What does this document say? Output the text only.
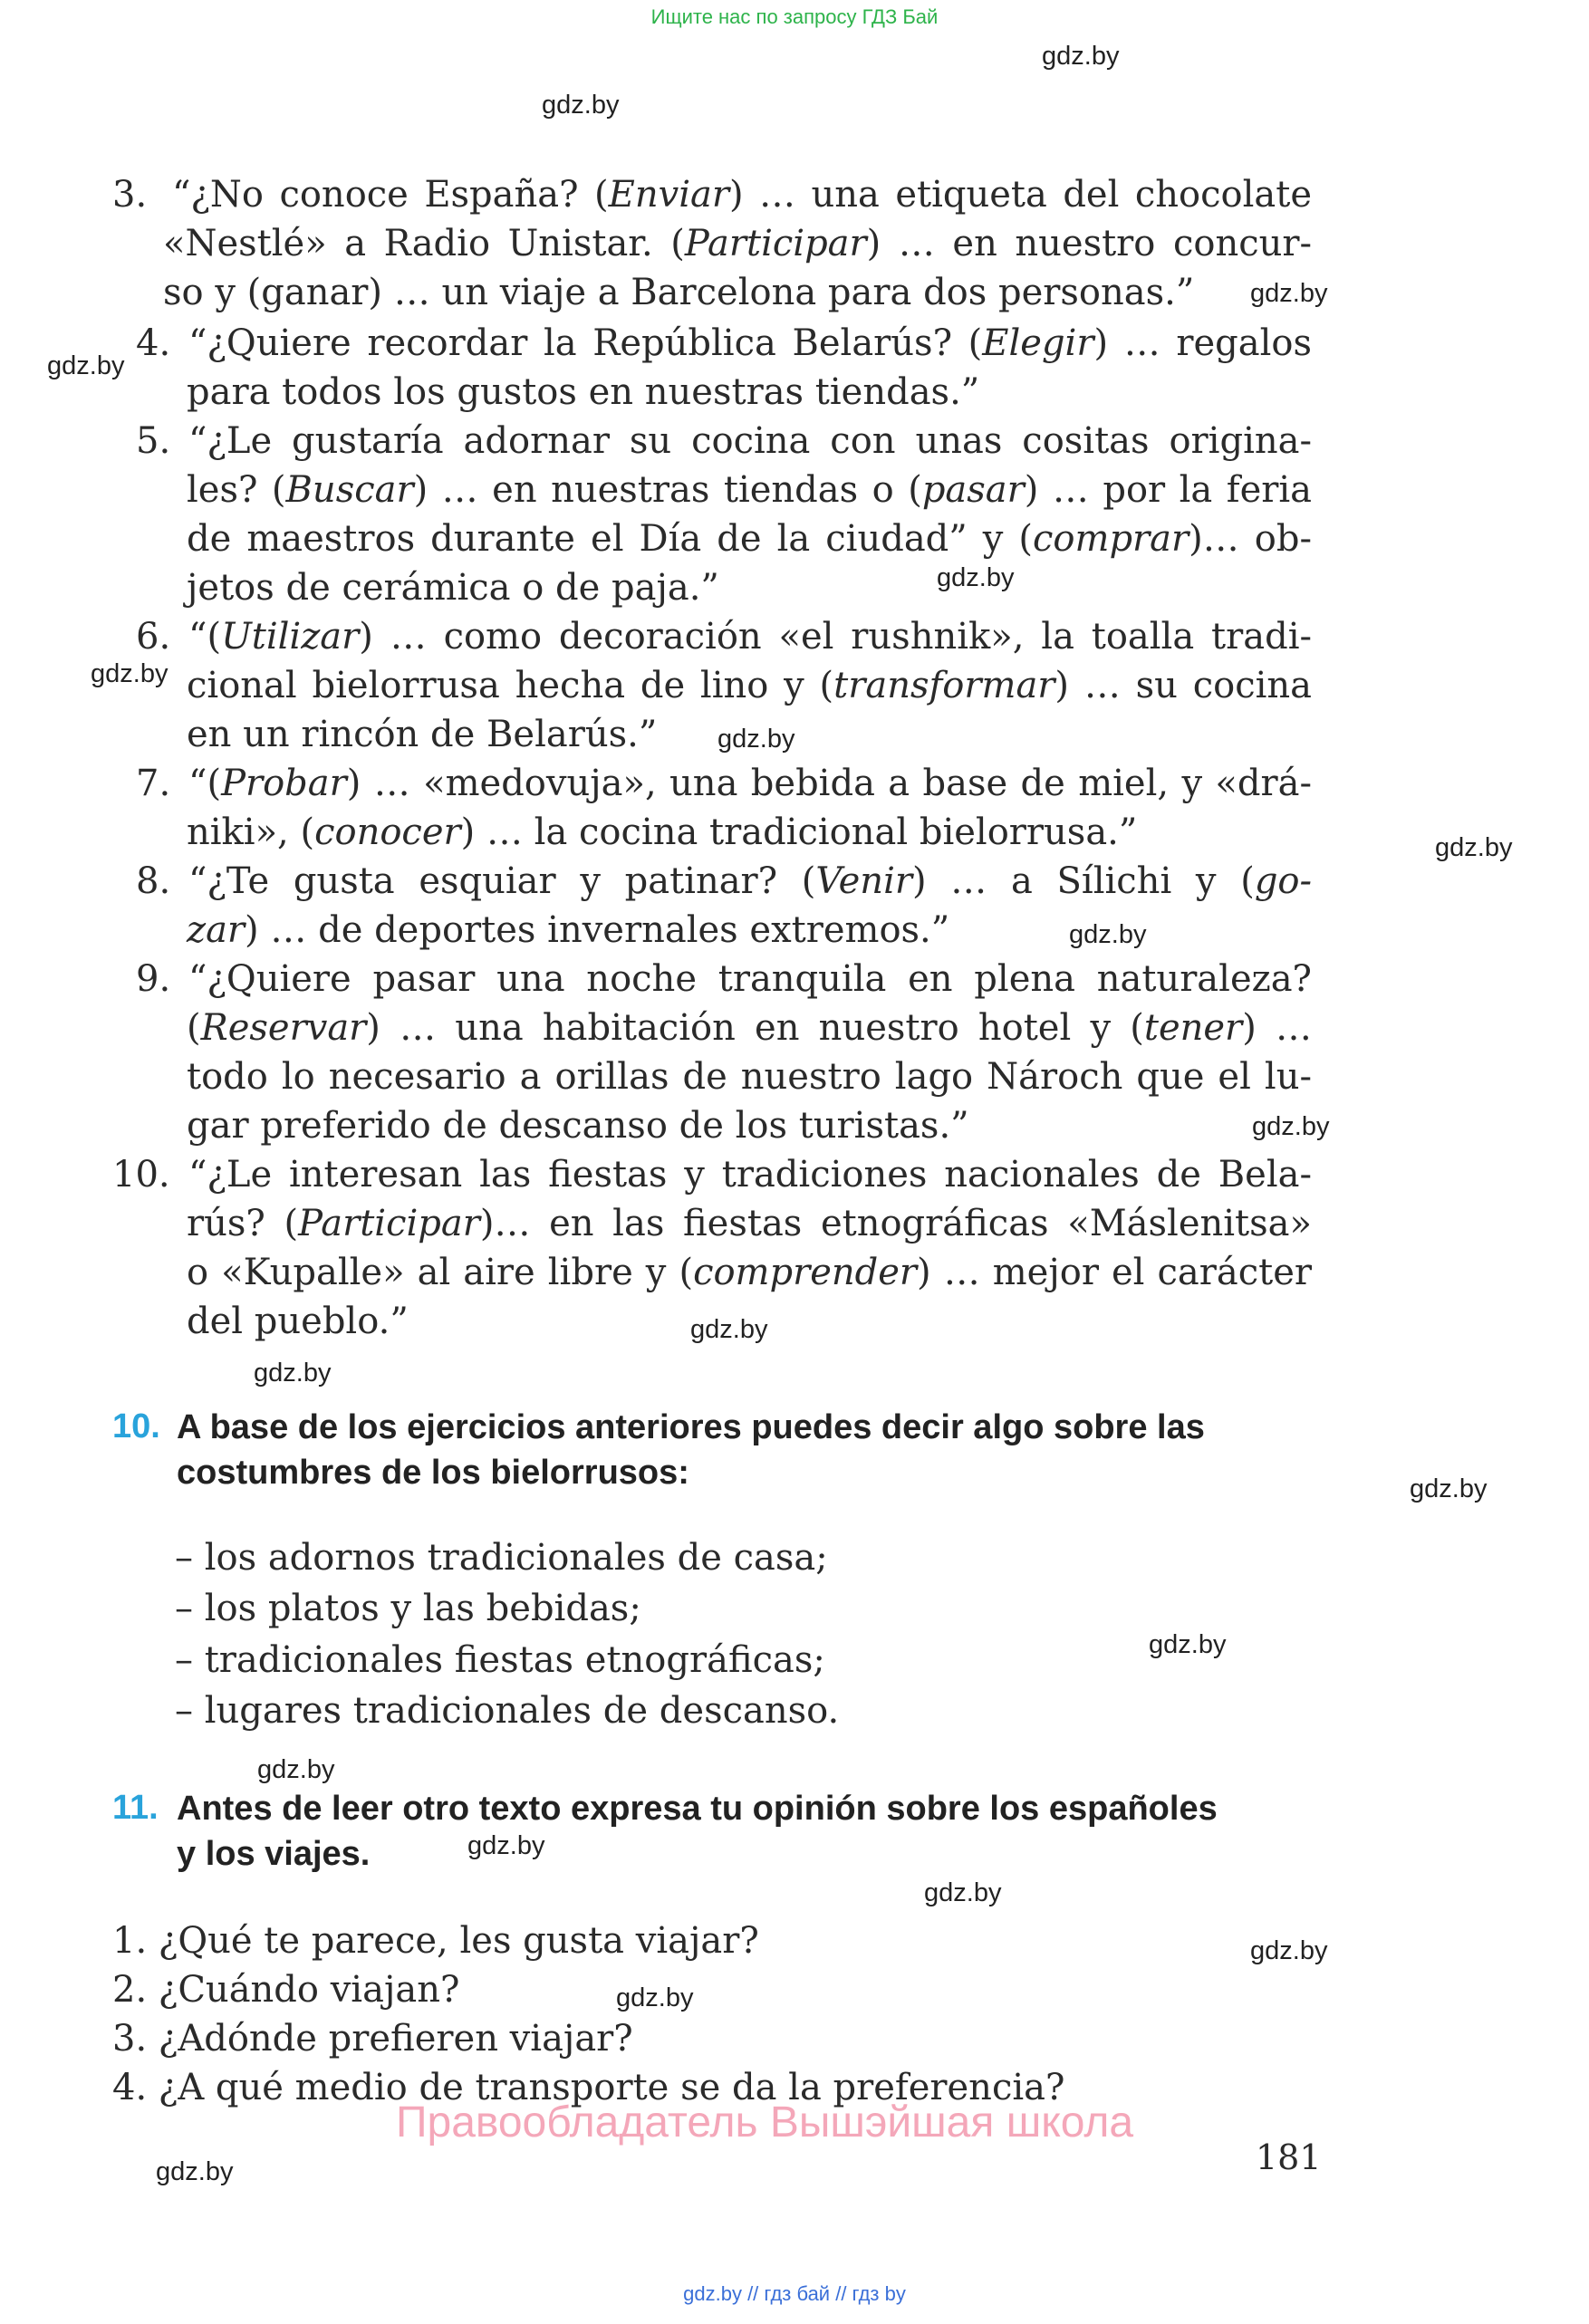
Ищите нас по запросу ГДЗ Бай
gdz.by
gdz.by
gdz.by
gdz.by
gdz.by
gdz.by
gdz.by
gdz.by
gdz.by
gdz.by
gdz.by
gdz.by
gdz.by
gdz.by
gdz.by
gdz.by
gdz.by
gdz.by
gdz.by
gdz.by
3. “¿No conoce España? (Enviar) … una etiqueta del chocolate
«Nestlé» a Radio Unistar. (Participar) … en nuestro concur-
so y (ganar) … un viaje a Barcelona para dos personas.”
4. “¿Quiere recordar la República Belarús? (Elegir) … regalos
para todos los gustos en nuestras tiendas.”
5. “¿Le gustaría adornar su cocina con unas cositas origina-
les? (Buscar) … en nuestras tiendas o (pasar) … por la feria
de maestros durante el Día de la ciudad” y (comprar)… ob-
jetos de cerámica o de paja.”
6. “(Utilizar) … como decoración «el rushnik», la toalla tradi-
cional bielorrusa hecha de lino y (transformar) … su cocina
en un rincón de Belarús.”
7. “(Probar) … «medovuja», una bebida a base de miel, y «drá-
niki», (conocer) … la cocina tradicional bielorrusa.”
8. “¿Te gusta esquiar y patinar? (Venir) … a Sílichi y (go-
zar) … de deportes invernales extremos.”
9. “¿Quiere pasar una noche tranquila en plena naturaleza?
(Reservar) … una habitación en nuestro hotel y (tener) …
todo lo necesario a orillas de nuestro lago Nároch que el lu-
gar preferido de descanso de los turistas.”
10. “¿Le interesan las fiestas y tradiciones nacionales de Bela-
rús? (Participar)… en las fiestas etnográficas «Máslenitsa»
o «Kupalle» al aire libre y (comprender) … mejor el carácter
del pueblo.”
10. A base de los ejercicios anteriores puedes decir algo sobre las
costumbres de los bielorrusos:
– los adornos tradicionales de casa;
– los platos y las bebidas;
– tradicionales fiestas etnográficas;
– lugares tradicionales de descanso.
11. Antes de leer otro texto expresa tu opinión sobre los españoles
y los viajes.
1. ¿Qué te parece, les gusta viajar?
2. ¿Cuándo viajan?
3. ¿Adónde prefieren viajar?
4. ¿A qué medio de transporte se da la preferencia?
Правообладатель Вышэйшая школа
181
gdz.by // гдз бай // гдз by
